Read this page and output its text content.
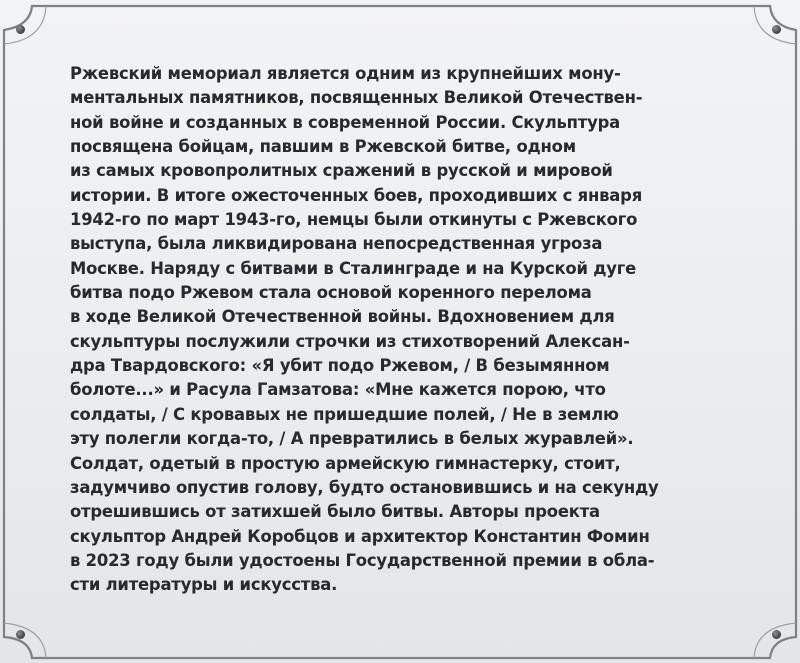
Ржевский мемориал является одним из крупнейших мону-
ментальных памятников, посвященных Великой Отечествен-
ной войне и созданных в современной России. Скульптура
посвящена бойцам, павшим в Ржевской битве, одном
из самых кровопролитных сражений в русской и мировой
истории. В итоге ожесточенных боев, проходивших с января
1942-го по март 1943-го, немцы были откинуты с Ржевского
выступа, была ликвидирована непосредственная угроза
Москве. Наряду с битвами в Сталинграде и на Курской дуге
битва подо Ржевом стала основой коренного перелома
в ходе Великой Отечественной войны. Вдохновением для
скульптуры послужили строчки из стихотворений Алексан-
дра Твардовского: «Я убит подо Ржевом, / В безымянном
болоте...» и Расула Гамзатова: «Мне кажется порою, что
солдаты, / С кровавых не пришедшие полей, / Не в землю
эту полегли когда-то, / А превратились в белых журавлей».
Солдат, одетый в простую армейскую гимнастерку, стоит,
задумчиво опустив голову, будто остановившись и на секунду
отрешившись от затихшей было битвы. Авторы проекта
скульптор Андрей Коробцов и архитектор Константин Фомин
в 2023 году были удостоены Государственной премии в обла-
сти литературы и искусства.
